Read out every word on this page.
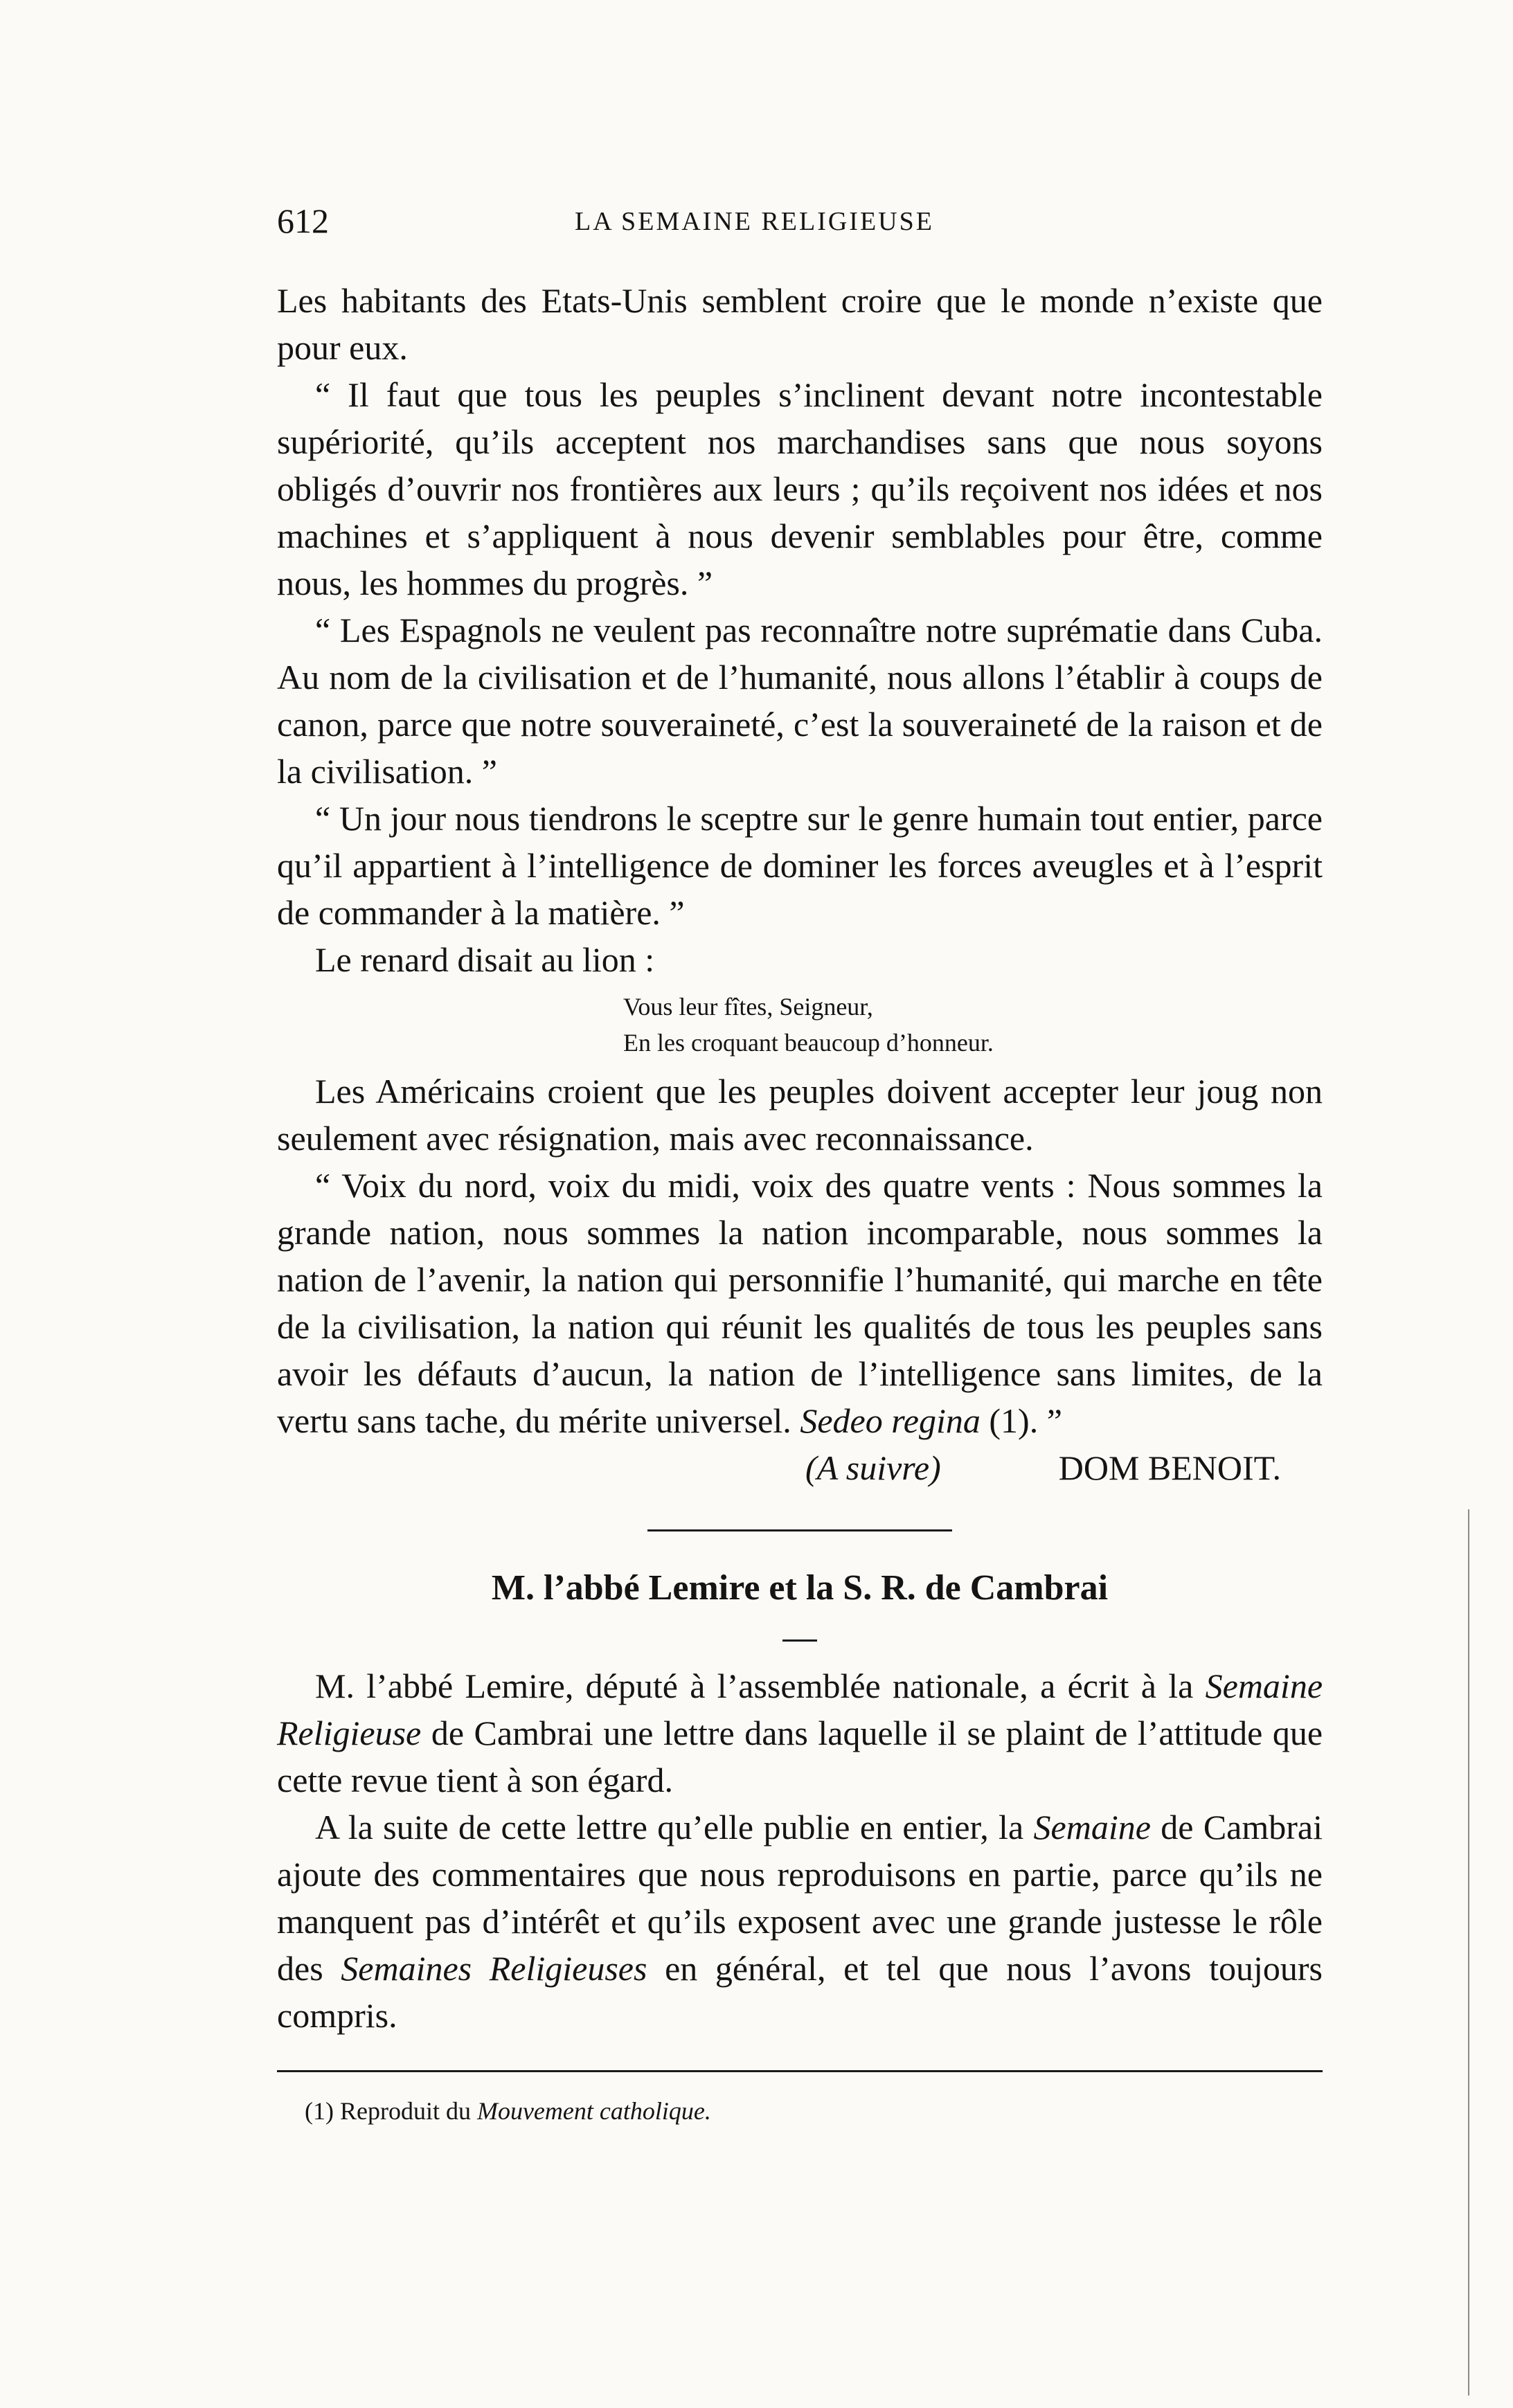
612	LA SEMAINE RELIGIEUSE

Les habitants des Etats-Unis semblent croire que le monde n’existe que pour eux.

“ Il faut que tous les peuples s’inclinent devant notre incontestable supériorité, qu’ils acceptent nos marchandises sans que nous soyons obligés d’ouvrir nos frontières aux leurs ; qu’ils reçoivent nos idées et nos machines et s’appliquent à nous devenir semblables pour être, comme nous, les hommes du progrès. ”

“ Les Espagnols ne veulent pas reconnaître notre suprématie dans Cuba. Au nom de la civilisation et de l’humanité, nous allons l’établir à coups de canon, parce que notre souveraineté, c’est la souveraineté de la raison et de la civilisation. ”

“ Un jour nous tiendrons le sceptre sur le genre humain tout entier, parce qu’il appartient à l’intelligence de dominer les forces aveugles et à l’esprit de commander à la matière. ”

Le renard disait au lion :

Vous leur fîtes, Seigneur,
En les croquant beaucoup d’honneur.

Les Américains croient que les peuples doivent accepter leur joug non seulement avec résignation, mais avec reconnaissance.

“ Voix du nord, voix du midi, voix des quatre vents : Nous sommes la grande nation, nous sommes la nation incomparable, nous sommes la nation de l’avenir, la nation qui personnifie l’humanité, qui marche en tête de la civilisation, la nation qui réunit les qualités de tous les peuples sans avoir les défauts d’aucun, la nation de l’intelligence sans limites, de la vertu sans tache, du mérite universel. Sedeo regina (1). ”

(A suivre)	DOM BENOIT.
M. l’abbé Lemire et la S. R. de Cambrai

M. l’abbé Lemire, député à l’assemblée nationale, a écrit à la Semaine Religieuse de Cambrai une lettre dans laquelle il se plaint de l’attitude que cette revue tient à son égard.

A la suite de cette lettre qu’elle publie en entier, la Semaine de Cambrai ajoute des commentaires que nous reproduisons en partie, parce qu’ils ne manquent pas d’intérêt et qu’ils exposent avec une grande justesse le rôle des Semaines Religieuses en général, et tel que nous l’avons toujours compris.

(1) Reproduit du Mouvement catholique.
